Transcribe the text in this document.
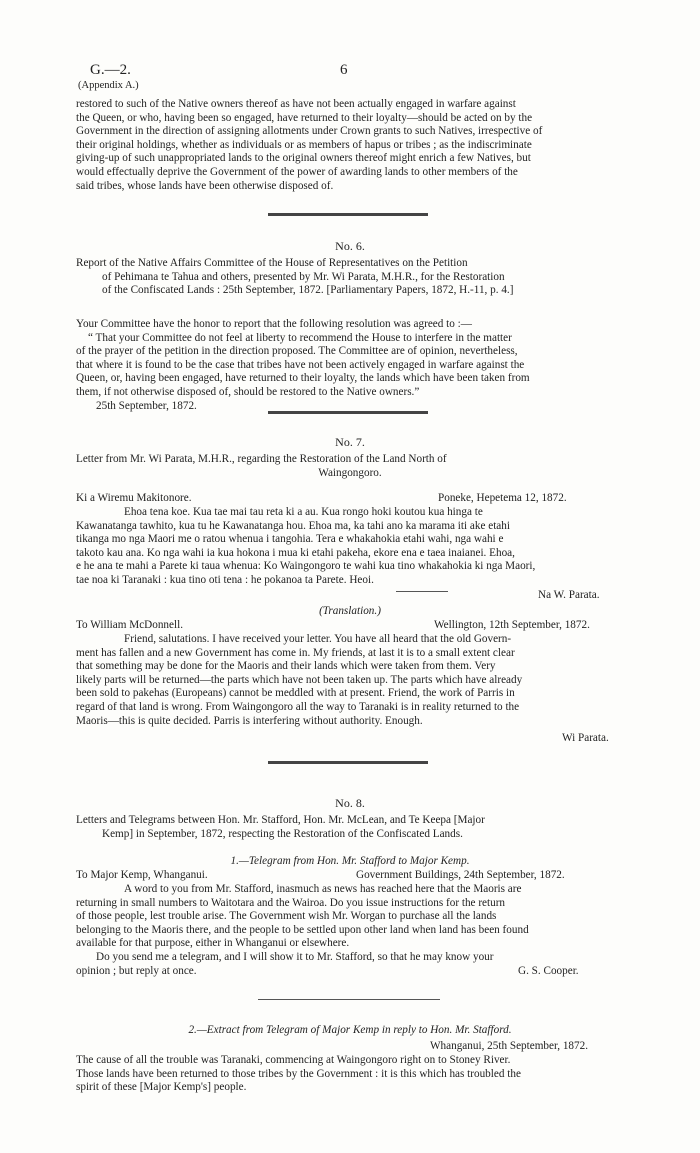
G.—2.
(Appendix A.)
6
restored to such of the Native owners thereof as have not been actually engaged in warfare against
the Queen, or who, having been so engaged, have returned to their loyalty—should be acted on by the
Government in the direction of assigning allotments under Crown grants to such Natives, irrespective of
their original holdings, whether as individuals or as members of hapus or tribes ; as the indiscriminate
giving-up of such unappropriated lands to the original owners thereof might enrich a few Natives, but
would effectually deprive the Government of the power of awarding lands to other members of the
said tribes, whose lands have been otherwise disposed of.
No. 6.
Report of the Native Affairs Committee of the House of Representatives on the Petition
of Pehimana te Tahua and others, presented by Mr. Wi Parata, M.H.R., for the Restoration
of the Confiscated Lands : 25th September, 1872. [Parliamentary Papers, 1872, H.-11, p. 4.]
Your Committee have the honor to report that the following resolution was agreed to :—
“ That your Committee do not feel at liberty to recommend the House to interfere in the matter
of the prayer of the petition in the direction proposed. The Committee are of opinion, nevertheless,
that where it is found to be the case that tribes have not been actively engaged in warfare against the
Queen, or, having been engaged, have returned to their loyalty, the lands which have been taken from
them, if not otherwise disposed of, should be restored to the Native owners.”
25th September, 1872.
No. 7.
Letter from Mr. Wi Parata, M.H.R., regarding the Restoration of the Land North of
Waingongoro.
Ki a Wiremu Makitonore.	Poneke, Hepetema 12, 1872.
Ehoa tena koe. Kua tae mai tau reta ki a au. Kua rongo hoki koutou kua hinga te
Kawanatanga tawhito, kua tu he Kawanatanga hou. Ehoa ma, ka tahi ano ka marama iti ake etahi
tikanga mo nga Maori me o ratou whenua i tangohia. Tera e whakahokia etahi wahi, nga wahi e
takoto kau ana. Ko nga wahi ia kua hokona i mua ki etahi pakeha, ekore ena e taea inaianei. Ehoa,
e he ana te mahi a Parete ki taua whenua: Ko Waingongoro te wahi kua tino whakahokia ki nga Maori,
tae noa ki Taranaki : kua tino oti tena : he pokanoa ta Parete. Heoi.
Na W. Parata.
(Translation.)
To William McDonnell.	Wellington, 12th September, 1872.
Friend, salutations. I have received your letter. You have all heard that the old Govern-
ment has fallen and a new Government has come in. My friends, at last it is to a small extent clear
that something may be done for the Maoris and their lands which were taken from them. Very
likely parts will be returned—the parts which have not been taken up. The parts which have already
been sold to pakehas (Europeans) cannot be meddled with at present. Friend, the work of Parris in
regard of that land is wrong. From Waingongoro all the way to Taranaki is in reality returned to the
Maoris—this is quite decided. Parris is interfering without authority. Enough.
Wi Parata.
No. 8.
Letters and Telegrams between Hon. Mr. Stafford, Hon. Mr. McLean, and Te Keepa [Major
Kemp] in September, 1872, respecting the Restoration of the Confiscated Lands.
1.—Telegram from Hon. Mr. Stafford to Major Kemp.
To Major Kemp, Whanganui.	Government Buildings, 24th September, 1872.
A word to you from Mr. Stafford, inasmuch as news has reached here that the Maoris are
returning in small numbers to Waitotara and the Wairoa. Do you issue instructions for the return
of those people, lest trouble arise. The Government wish Mr. Worgan to purchase all the lands
belonging to the Maoris there, and the people to be settled upon other land when land has been found
available for that purpose, either in Whanganui or elsewhere.
Do you send me a telegram, and I will show it to Mr. Stafford, so that he may know your
opinion ; but reply at once.	G. S. Cooper.
2.—Extract from Telegram of Major Kemp in reply to Hon. Mr. Stafford.
Whanganui, 25th September, 1872.
The cause of all the trouble was Taranaki, commencing at Waingongoro right on to Stoney River.
Those lands have been returned to those tribes by the Government : it is this which has troubled the
spirit of these [Major Kemp's] people.
